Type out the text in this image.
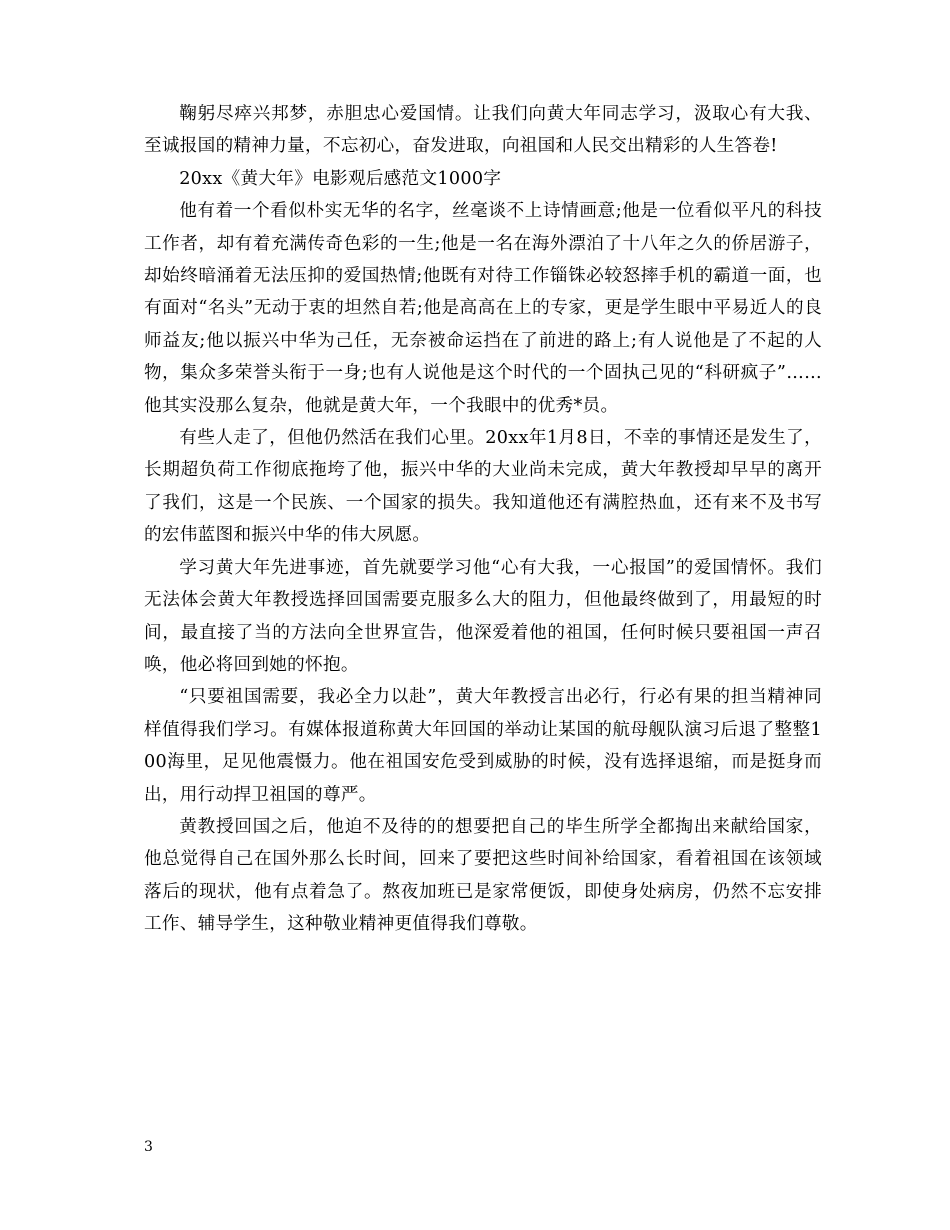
鞠躬尽瘁兴邦梦，赤胆忠心爱国情。让我们向黄大年同志学习，汲取心有大我、至诚报国的精神力量，不忘初心，奋发进取，向祖国和人民交出精彩的人生答卷!

20xx《黄大年》电影观后感范文1000字

他有着一个看似朴实无华的名字，丝毫谈不上诗情画意;他是一位看似平凡的科技工作者，却有着充满传奇色彩的一生;他是一名在海外漂泊了十八年之久的侨居游子，却始终暗涌着无法压抑的爱国热情;他既有对待工作锱铢必较怒摔手机的霸道一面，也有面对“名头”无动于衷的坦然自若;他是高高在上的专家，更是学生眼中平易近人的良师益友;他以振兴中华为己任，无奈被命运挡在了前进的路上;有人说他是了不起的人物，集众多荣誉头衔于一身;也有人说他是这个时代的一个固执己见的“科研疯子”……他其实没那么复杂，他就是黄大年，一个我眼中的优秀*员。

有些人走了，但他仍然活在我们心里。20xx年1月8日，不幸的事情还是发生了，长期超负荷工作彻底拖垮了他，振兴中华的大业尚未完成，黄大年教授却早早的离开了我们，这是一个民族、一个国家的损失。我知道他还有满腔热血，还有来不及书写的宏伟蓝图和振兴中华的伟大夙愿。

学习黄大年先进事迹，首先就要学习他“心有大我，一心报国”的爱国情怀。我们无法体会黄大年教授选择回国需要克服多么大的阻力，但他最终做到了，用最短的时间，最直接了当的方法向全世界宣告，他深爱着他的祖国，任何时候只要祖国一声召唤，他必将回到她的怀抱。

“只要祖国需要，我必全力以赴”，黄大年教授言出必行，行必有果的担当精神同样值得我们学习。有媒体报道称黄大年回国的举动让某国的航母舰队演习后退了整整100海里，足见他震慑力。他在祖国安危受到威胁的时候，没有选择退缩，而是挺身而出，用行动捍卫祖国的尊严。

黄教授回国之后，他迫不及待的的想要把自己的毕生所学全都掏出来献给国家，他总觉得自己在国外那么长时间，回来了要把这些时间补给国家，看着祖国在该领域落后的现状，他有点着急了。熬夜加班已是家常便饭，即使身处病房，仍然不忘安排工作、辅导学生，这种敬业精神更值得我们尊敬。

3
